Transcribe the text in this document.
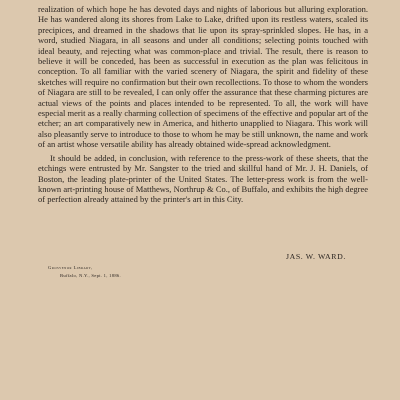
realization of which hope he has devoted days and nights of laborious but alluring exploration. He has wandered along its shores from Lake to Lake, drifted upon its restless waters, scaled its precipices, and dreamed in the shadows that lie upon its spray-sprinkled slopes. He has, in a word, studied Niagara, in all seasons and under all conditions; selecting points touched with ideal beauty, and rejecting what was common-place and trivial. The result, there is reason to believe it will be conceded, has been as successful in execution as the plan was felicitous in conception. To all familiar with the varied scenery of Niagara, the spirit and fidelity of these sketches will require no confirmation but their own recollections. To those to whom the wonders of Niagara are still to be revealed, I can only offer the assurance that these charming pictures are actual views of the points and places intended to be represented. To all, the work will have especial merit as a really charming collection of specimens of the effective and popular art of the etcher; an art comparatively new in America, and hitherto unapplied to Niagara. This work will also pleasantly serve to introduce to those to whom he may be still unknown, the name and work of an artist whose versatile ability has already obtained wide-spread acknowledgment.

It should be added, in conclusion, with reference to the press-work of these sheets, that the etchings were entrusted by Mr. Sangster to the tried and skillful hand of Mr. J. H. Daniels, of Boston, the leading plate-printer of the United States. The letter-press work is from the well-known art-printing house of Matthews, Northrup & Co., of Buffalo, and exhibits the high degree of perfection already attained by the printer's art in this City.

JAS. W. WARD.

Grosvenor Library,

Buffalo, N.Y., Sept. 1, 1886.
